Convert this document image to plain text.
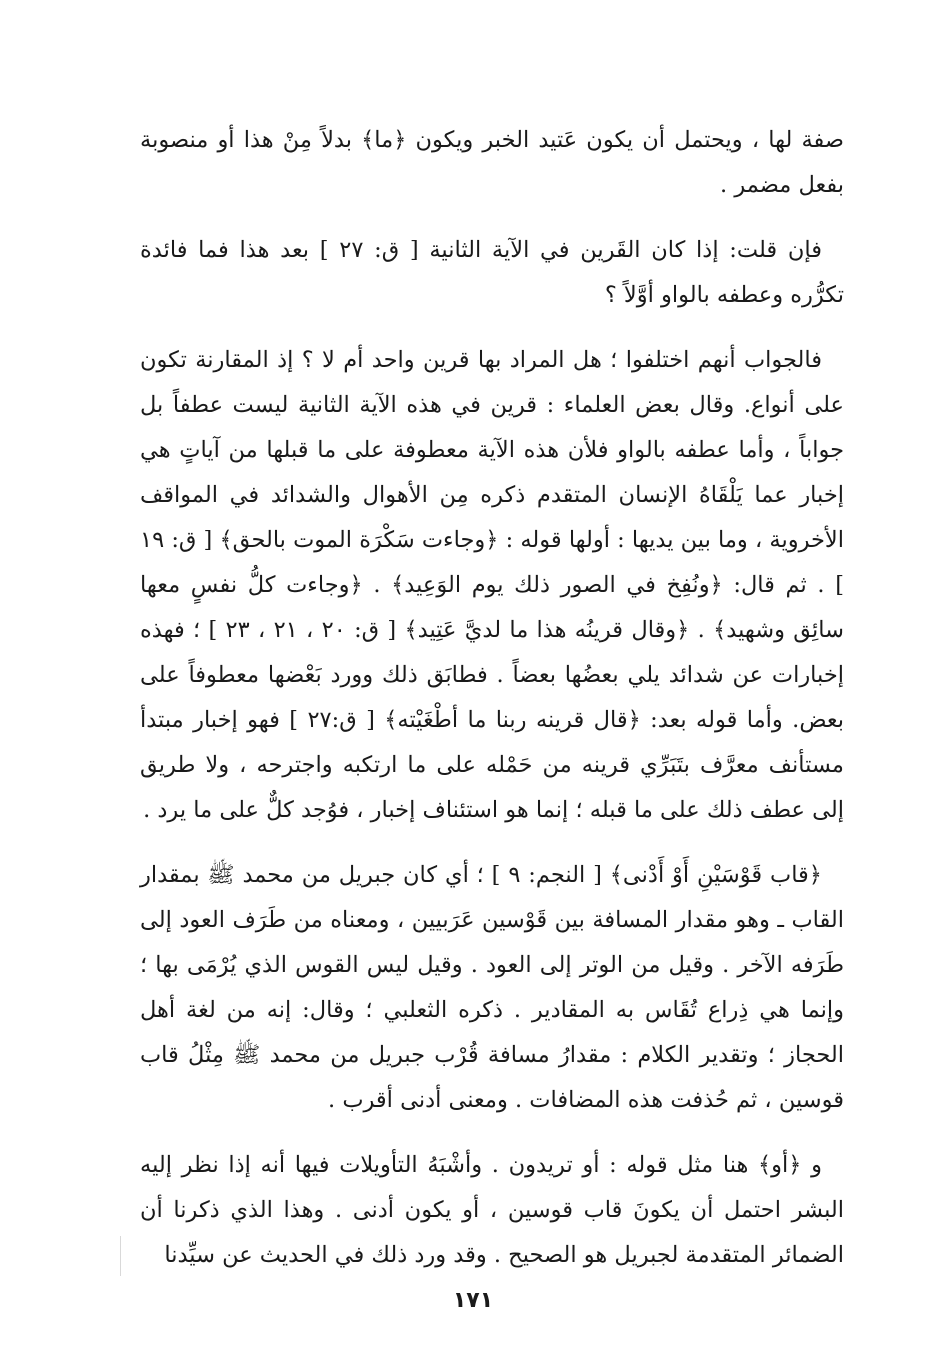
صفة لها ، ويحتمل أن يكون عَتيد الخبر ويكون ﴿ما﴾ بدلاً مِنْ هذا أو منصوبة بفعل مضمر .

فإن قلت: إذا كان القَرين في الآية الثانية [ ق: ٢٧ ] بعد هذا فما فائدة تكرُّره وعطفه بالواو أوَّلاً ؟

فالجواب أنهم اختلفوا ؛ هل المراد بها قرين واحد أم لا ؟ إذ المقارنة تكون على أنواع. وقال بعض العلماء : قرين في هذه الآية الثانية ليست عطفاً بل جواباً ، وأما عطفه بالواو فلأن هذه الآية معطوفة على ما قبلها من آياتٍ هي إخبار عما يَلْقَاهُ الإنسان المتقدم ذكره مِن الأهوال والشدائد في المواقف الأخروية ، وما بين يديها : أولها قوله : ﴿وجاءت سَكْرَة الموت بالحق﴾ [ ق: ١٩ ] . ثم قال: ﴿ونُفِخ في الصور ذلك يوم الوَعِيد﴾ . ﴿وجاءت كلُّ نفسٍ معها سائِق وشهيد﴾ . ﴿وقال قرينُه هذا ما لديَّ عَتِيد﴾ [ ق: ٢٠ ، ٢١ ، ٢٣ ] ؛ فهذه إخبارات عن شدائد يلي بعضُها بعضاً . فطابَق ذلك وورد بَعْضها معطوفاً على بعض. وأما قوله بعد: ﴿قال قرينه ربنا ما أطْغَيْته﴾ [ ق:٢٧ ] فهو إخبار مبتدأ مستأنف معرَّف بتَبَرِّي قرينه من حَمْله على ما ارتكبه واجترحه ، ولا طريق إلى عطف ذلك على ما قبله ؛ إنما هو استئناف إخبار ، فوُجد كلٌّ على ما يرد .

﴿قاب قَوْسَيْنِ أَوْ أَدْنى﴾ [ النجم: ٩ ] ؛ أي كان جبريل من محمد ﷺ بمقدار القاب ـ وهو مقدار المسافة بين قَوْسين عَرَبيين ، ومعناه من طَرَف العود إلى طَرَفه الآخر . وقيل من الوتر إلى العود . وقيل ليس القوس الذي يُرْمَى بها ؛ وإنما هي ذِراع تُقَاس به المقادير . ذكره الثعلبي ؛ وقال: إنه من لغة أهل الحجاز ؛ وتقدير الكلام : مقدارُ مسافة قُرْب جبريل من محمد ﷺ مِثْلُ قاب قوسين ، ثم حُذفت هذه المضافات . ومعنى أدنى أقرب .

و ﴿أو﴾ هنا مثل قوله : أو تريدون . وأشْبَهُ التأويلات فيها أنه إذا نظر إليه البشر احتمل أن يكونَ قاب قوسين ، أو يكون أدنى . وهذا الذي ذكرنا أن الضمائر المتقدمة لجبريل هو الصحيح . وقد ورد ذلك في الحديث عن سيِّدنا

١٧١
